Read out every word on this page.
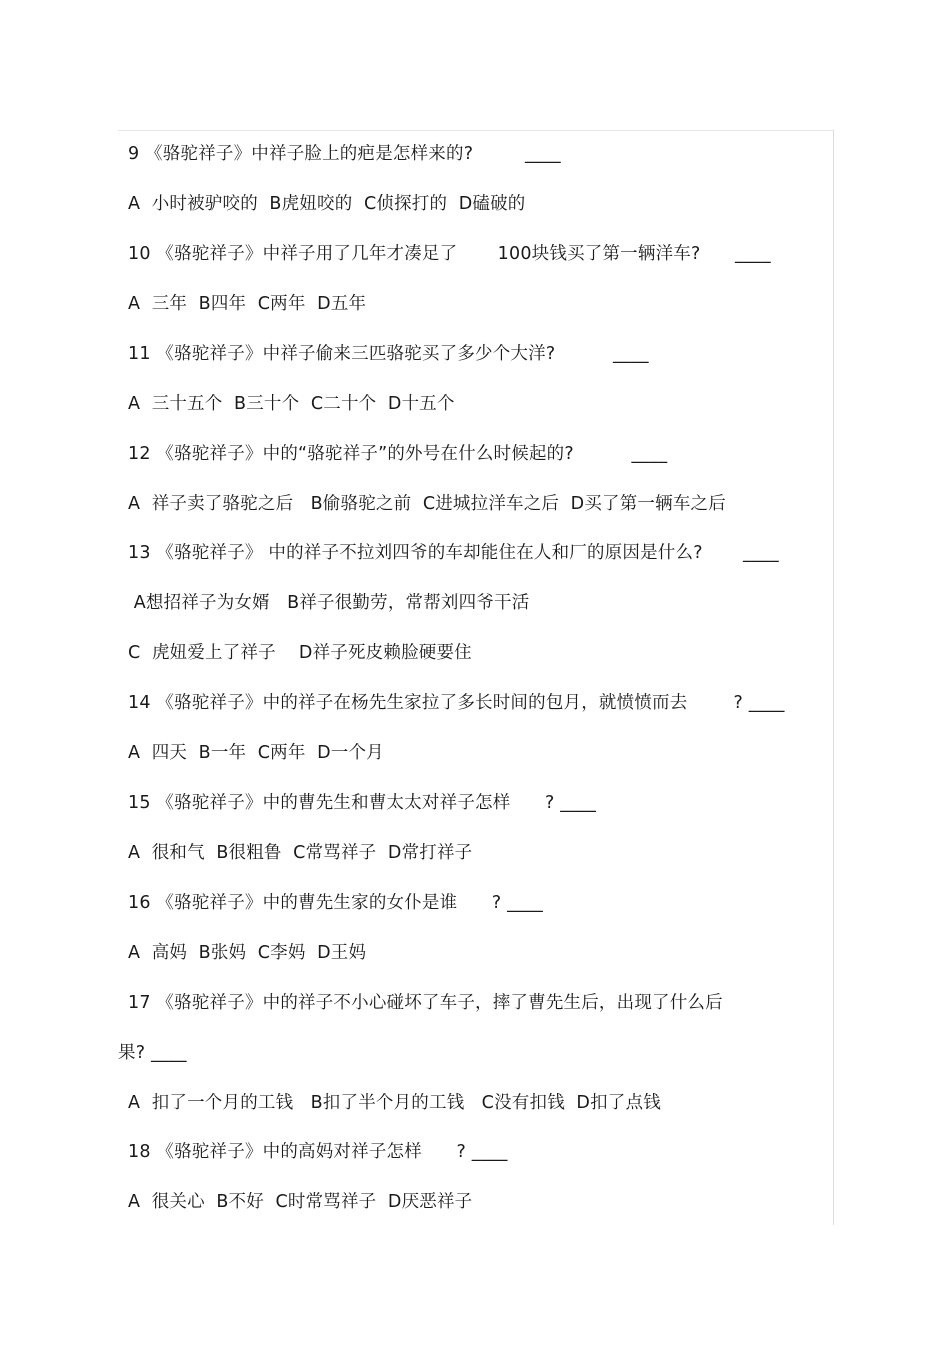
9 《骆驼祥子》中祥子脸上的疤是怎样来的?         ____
A  小时被驴咬的  B虎妞咬的  C侦探打的  D磕破的
10 《骆驼祥子》中祥子用了几年才凑足了       100块钱买了第一辆洋车?      ____
A  三年  B四年  C两年  D五年
11 《骆驼祥子》中祥子偷来三匹骆驼买了多少个大洋?          ____
A  三十五个  B三十个  C二十个  D十五个
12 《骆驼祥子》中的“骆驼祥子”的外号在什么时候起的?          ____
A  祥子卖了骆驼之后   B偷骆驼之前  C进城拉洋车之后  D买了第一辆车之后
13 《骆驼祥子》 中的祥子不拉刘四爷的车却能住在人和厂的原因是什么?       ____
A想招祥子为女婿   B祥子很勤劳，常帮刘四爷干活
C  虎妞爱上了祥子    D祥子死皮赖脸硬要住
14 《骆驼祥子》中的祥子在杨先生家拉了多长时间的包月，就愤愤而去        ? ____
A  四天  B一年  C两年  D一个月
15 《骆驼祥子》中的曹先生和曹太太对祥子怎样      ? ____
A  很和气  B很粗鲁  C常骂祥子  D常打祥子
16 《骆驼祥子》中的曹先生家的女仆是谁      ? ____
A  高妈  B张妈  C李妈  D王妈
17 《骆驼祥子》中的祥子不小心碰坏了车子，摔了曹先生后，出现了什么后
果? ____
A  扣了一个月的工钱   B扣了半个月的工钱   C没有扣钱  D扣了点钱
18 《骆驼祥子》中的高妈对祥子怎样      ? ____
A  很关心  B不好  C时常骂祥子  D厌恶祥子
